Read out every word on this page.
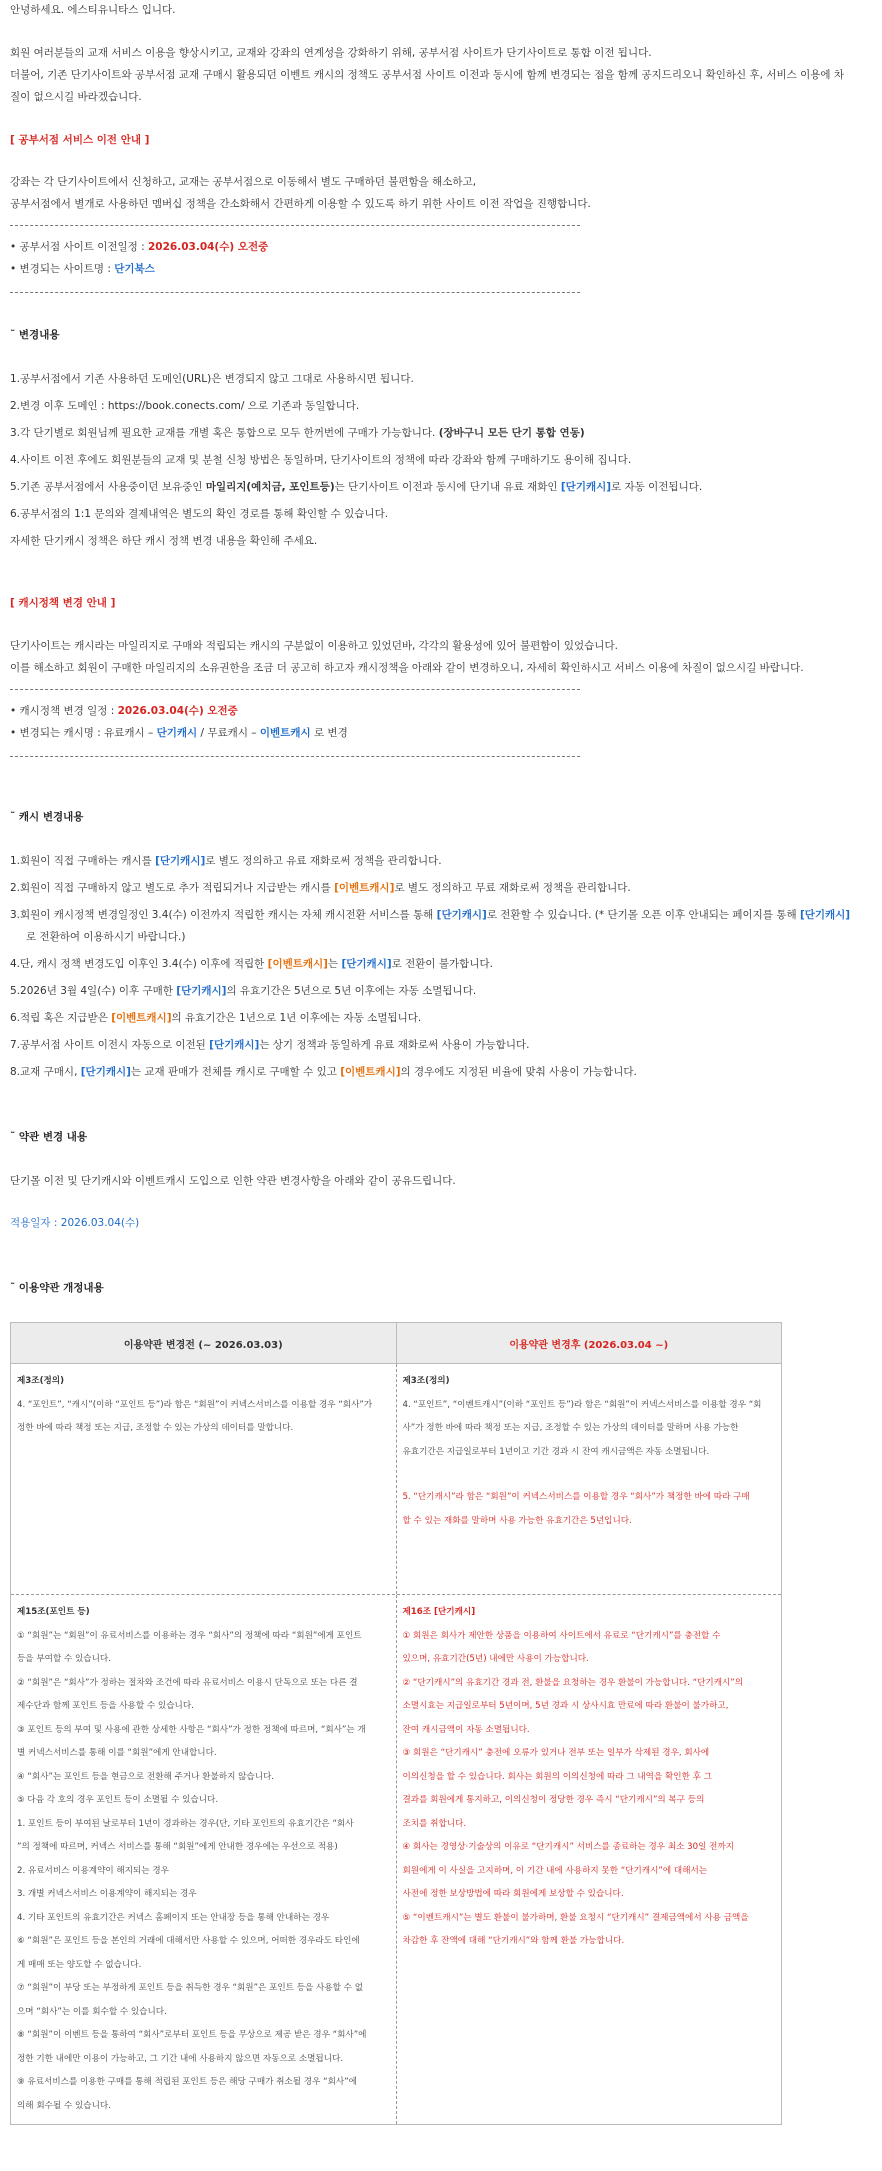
안녕하세요. 에스티유니타스 입니다.
회원 여러분들의 교재 서비스 이용을 향상시키고, 교재와 강좌의 연계성을 강화하기 위해, 공부서점 사이트가 단기사이트로 통합 이전 됩니다.
더불어, 기존 단기사이트와 공부서점 교재 구매시 활용되던 이벤트 캐시의 정책도 공부서점 사이트 이전과 동시에 함께 변경되는 점을 함께 공지드리오니 확인하신 후, 서비스 이용에 차
질이 없으시길 바라겠습니다.
[ 공부서점 서비스 이전 안내 ]
강좌는 각 단기사이트에서 신청하고, 교재는 공부서점으로 이동해서 별도 구매하던 불편함을 해소하고,
공부서점에서 별개로 사용하던 멤버십 정책을 간소화해서 간편하게 이용할 수 있도록 하기 위한 사이트 이전 작업을 진행합니다.
• 공부서점 사이트 이전일정 : 2026.03.04(수) 오전중
• 변경되는 사이트명 : 단기북스
˜ 변경내용
1.공부서점에서 기존 사용하던 도메인(URL)은 변경되지 않고 그대로 사용하시면 됩니다.
2.변경 이후 도메인 : https://book.conects.com/ 으로 기존과 동일합니다.
3.각 단기별로 회원님께 필요한 교재를 개별 혹은 통합으로 모두 한꺼번에 구매가 가능합니다. (장바구니 모든 단기 통합 연동)
4.사이트 이전 후에도 회원분들의 교재 및 분철 신청 방법은 동일하며, 단기사이트의 정책에 따라 강좌와 함께 구매하기도 용이해 집니다.
5.기존 공부서점에서 사용중이던 보유중인 마일리지(예치금, 포인트등)는 단기사이트 이전과 동시에 단기내 유료 재화인 [단기캐시]로 자동 이전됩니다.
6.공부서점의 1:1 문의와 결제내역은 별도의 확인 경로를 통해 확인할 수 있습니다.
자세한 단기캐시 정책은 하단 캐시 정책 변경 내용을 확인해 주세요.
[ 캐시정책 변경 안내 ]
단기사이트는 캐시라는 마일리지로 구매와 적립되는 캐시의 구분없이 이용하고 있었던바, 각각의 활용성에 있어 불편함이 있었습니다.
이를 해소하고 회원이 구매한 마일리지의 소유권한을 조금 더 공고히 하고자 캐시정책을 아래와 같이 변경하오니, 자세히 확인하시고 서비스 이용에 차질이 없으시길 바랍니다.
• 캐시정책 변경 일정 : 2026.03.04(수) 오전중
• 변경되는 캐시명 : 유료캐시 – 단기캐시 / 무료캐시 – 이벤트캐시 로 변경
˜ 캐시 변경내용
1.회원이 직접 구매하는 캐시를 [단기캐시]로 별도 정의하고 유료 재화로써 정책을 관리합니다.
2.회원이 직접 구매하지 않고 별도로 추가 적립되거나 지급받는 캐시를 [이벤트캐시]로 별도 정의하고 무료 재화로써 정책을 관리합니다.
3.회원이 캐시정책 변경일정인 3.4(수) 이전까지 적립한 캐시는 자체 캐시전환 서비스를 통해 [단기캐시]로 전환할 수 있습니다. (* 단기몰 오픈 이후 안내되는 페이지를 통해 [단기캐시]
로 전환하여 이용하시기 바랍니다.)
4.단, 캐시 정책 변경도입 이후인 3.4(수) 이후에 적립한 [이벤트캐시]는 [단기캐시]로 전환이 불가합니다.
5.2026년 3월 4일(수) 이후 구매한 [단기캐시]의 유효기간은 5년으로 5년 이후에는 자동 소멸됩니다.
6.적립 혹은 지급받은 [이벤트캐시]의 유효기간은 1년으로 1년 이후에는 자동 소멸됩니다.
7.공부서점 사이트 이전시 자동으로 이전된 [단기캐시]는 상기 정책과 동일하게 유료 재화로써 사용이 가능합니다.
8.교재 구매시, [단기캐시]는 교재 판매가 전체를 캐시로 구매할 수 있고 [이벤트캐시]의 경우에도 지정된 비율에 맞춰 사용이 가능합니다.
˜ 약관 변경 내용
단기몰 이전 및 단기캐시와 이벤트캐시 도입으로 인한 약관 변경사항을 아래와 같이 공유드립니다.
적용일자 : 2026.03.04(수)
˜ 이용약관 개정내용
이용약관 변경전 (~ 2026.03.03)	이용약관 변경후 (2026.03.04 ~)
제3조(정의)
4. “포인트”, “캐시”(이하 “포인트 등”)라 함은 “회원”이 커넥스서비스를 이용할 경우 “회사”가
정한 바에 따라 책정 또는 지급, 조정할 수 있는 가상의 데이터를 말합니다.
제3조(정의)
4. “포인트”, “이벤트캐시”(이하 “포인트 등”)라 함은 “회원”이 커넥스서비스를 이용할 경우 “회
사”가 정한 바에 따라 책정 또는 지급, 조정할 수 있는 가상의 데이터를 말하며 사용 가능한
유효기간은 지급일로부터 1년이고 기간 경과 시 잔여 캐시금액은 자동 소멸됩니다.
5. “단기캐시”라 함은 “회원”이 커넥스서비스를 이용할 경우 “회사”가 책정한 바에 따라 구매
할 수 있는 재화를 말하며 사용 가능한 유효기간은 5년입니다.
제15조(포인트 등)
① “회원”는 “회원”이 유료서비스를 이용하는 경우 “회사”의 정책에 따라 “회원”에게 포인트
등을 부여할 수 있습니다.
② “회원”은 “회사”가 정하는 절차와 조건에 따라 유료서비스 이용시 단독으로 또는 다른 결
제수단과 함께 포인트 등을 사용할 수 있습니다.
③ 포인트 등의 부여 및 사용에 관한 상세한 사항은 “회사”가 정한 정책에 따르며, “회사”는 개
별 커넥스서비스를 통해 이를 “회원”에게 안내합니다.
④ “회사”는 포인트 등을 현금으로 전환해 주거나 환불하지 않습니다.
⑤ 다음 각 호의 경우 포인트 등이 소멸될 수 있습니다.
1. 포인트 등이 부여된 날로부터 1년이 경과하는 경우(단, 기타 포인트의 유효기간은 “회사
”의 정책에 따르며, 커넥스 서비스를 통해 “회원”에게 안내한 경우에는 우선으로 적용)
2. 유료서비스 이용계약이 해지되는 경우
3. 개별 커넥스서비스 이용계약이 해지되는 경우
4. 기타 포인트의 유효기간은 커넥스 홈페이지 또는 안내장 등을 통해 안내하는 경우
⑥ “회원”은 포인트 등을 본인의 거래에 대해서만 사용할 수 있으며, 어떠한 경우라도 타인에
게 매매 또는 양도할 수 없습니다.
⑦ “회원”이 부당 또는 부정하게 포인트 등을 취득한 경우 “회원”은 포인트 등을 사용할 수 없
으며 “회사”는 이를 회수할 수 있습니다.
⑧ “회원”이 이벤트 등을 통하여 “회사”로부터 포인트 등을 무상으로 제공 받은 경우 “회사”에
정한 기한 내에만 이용이 가능하고, 그 기간 내에 사용하지 않으면 자동으로 소멸됩니다.
⑨ 유료서비스를 이용한 구매를 통해 적립된 포인트 등은 해당 구매가 취소될 경우 “회사”에
의해 회수될 수 있습니다.
제16조 [단기캐시]
① 회원은 회사가 제안한 상품을 이용하여 사이트에서 유료로 “단기캐시”를 충전할 수
있으며, 유효기간(5년) 내에만 사용이 가능합니다.
② “단기캐시”의 유효기간 경과 전, 환불을 요청하는 경우 환불이 가능합니다. “단기캐시”의
소멸시효는 지급일로부터 5년이며, 5년 경과 시 상사시효 만료에 따라 환불이 불가하고,
잔여 캐시금액이 자동 소멸됩니다.
③ 회원은 “단기캐시” 충전에 오류가 있거나 전부 또는 일부가 삭제된 경우, 회사에
이의신청을 할 수 있습니다. 회사는 회원의 이의신청에 따라 그 내역을 확인한 후 그
결과를 회원에게 통지하고, 이의신청이 정당한 경우 즉시 “단기캐시”의 복구 등의
조치를 취합니다.
④ 회사는 경영상·기술상의 이유로 “단기캐시” 서비스를 종료하는 경우 최소 30일 전까지
회원에게 이 사실을 고지하며, 이 기간 내에 사용하지 못한 “단기캐시”에 대해서는
사전에 정한 보상방법에 따라 회원에게 보상할 수 있습니다.
⑤ “이벤트캐시”는 별도 환불이 불가하며, 환불 요청시 “단기캐시” 결제금액에서 사용 금액을
차감한 후 잔액에 대해 “단기캐시”와 함께 환불 가능합니다.
